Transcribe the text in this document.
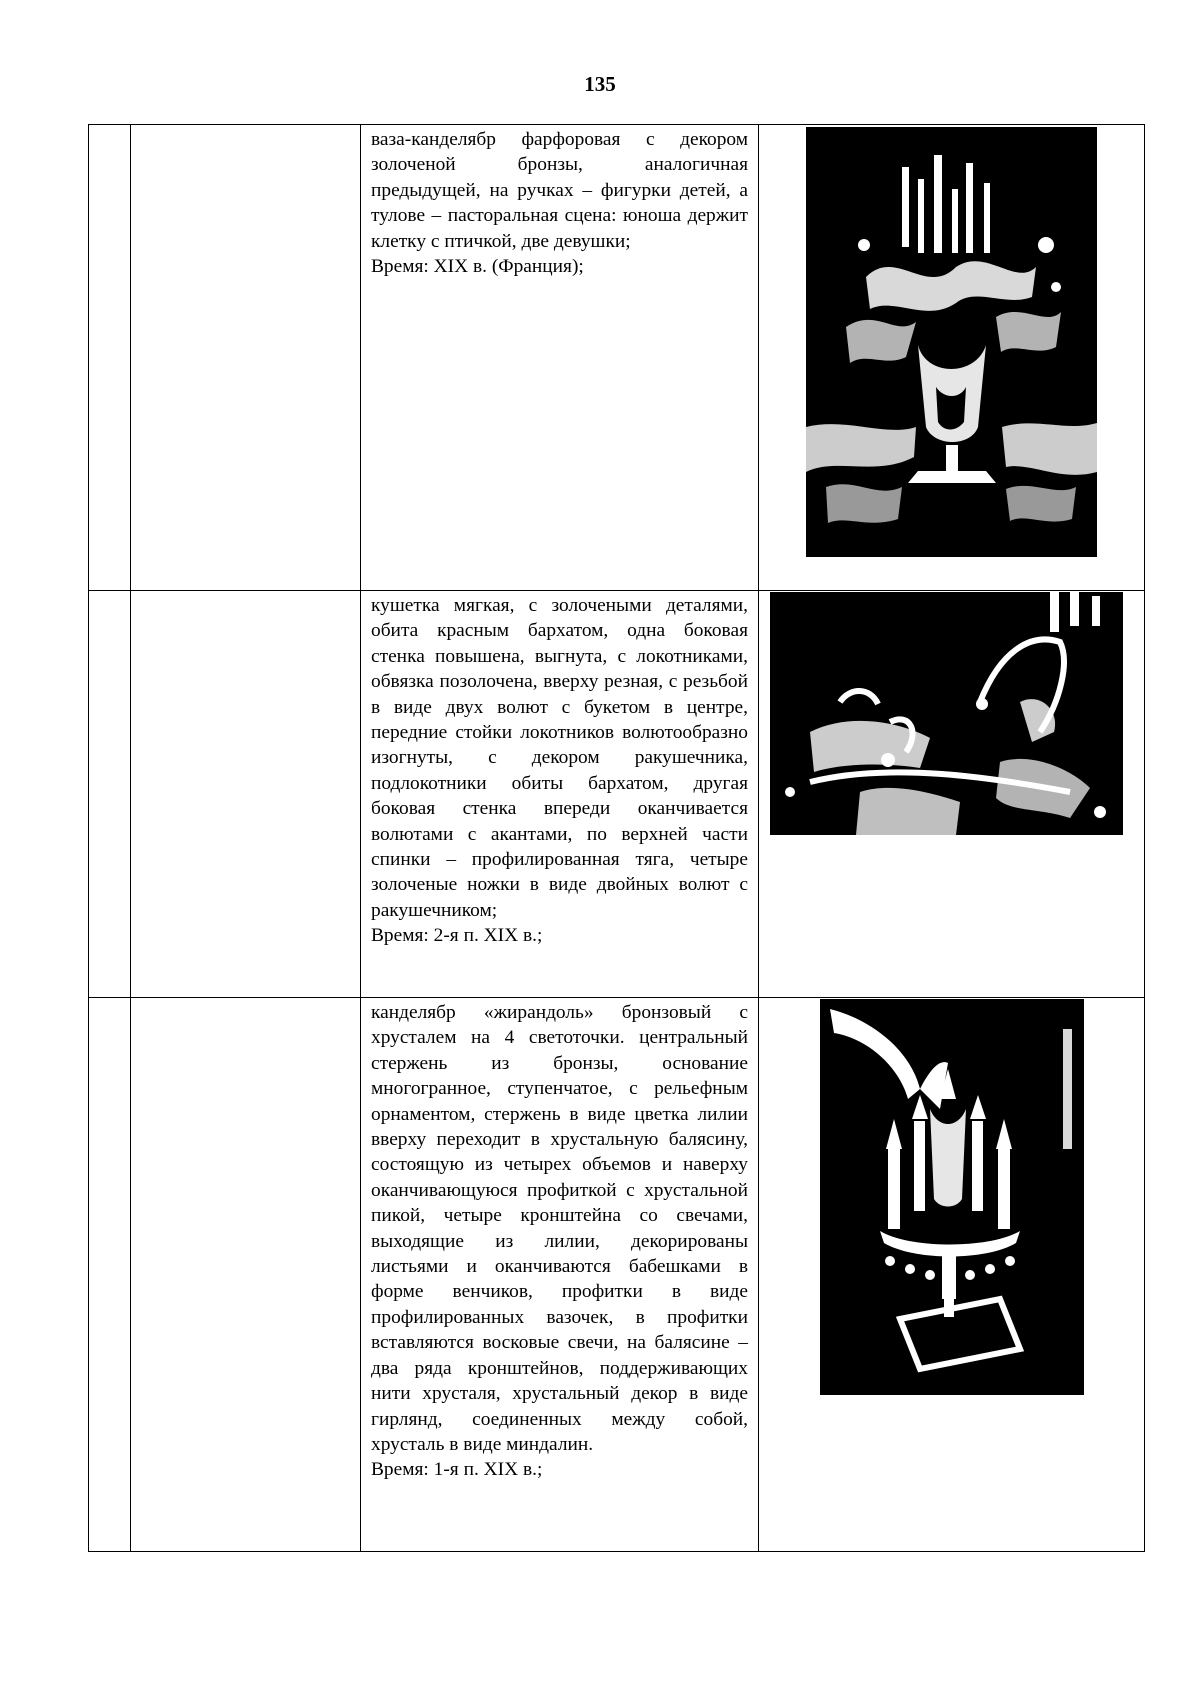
135

		ваза-канделябр фарфоровая с декором золоченой бронзы, аналогичная предыдущей, на ручках – фигурки детей, а тулове – пасторальная сцена: юноша держит клетку с птичкой, две девушки;

Время: XIX в. (Франция);

		кушетка мягкая, с золочеными деталями, обита красным бархатом, одна боковая стенка повышена, выгнута, с локотниками, обвязка позолочена, вверху резная, с резьбой в виде двух волют с букетом в центре, передние стойки локотников волютообразно изогнуты, с декором ракушечника, подлокотники обиты бархатом, другая боковая стенка впереди оканчивается волютами с акантами, по верхней части спинки – профилированная тяга, четыре золоченые ножки в виде двойных волют с ракушечником;

Время: 2-я п. XIX в.;

		канделябр «жирандоль» бронзовый с хрусталем на 4 светоточки. центральный стержень из бронзы, основание многогранное, ступенчатое, с рельефным орнаментом, стержень в виде цветка лилии вверху переходит в хрустальную балясину, состоящую из четырех объемов и наверху оканчивающуюся профиткой с хрустальной пикой, четыре кронштейна со свечами, выходящие из лилии, декорированы листьями и оканчиваются бабешками в форме венчиков, профитки в виде профилированных вазочек, в профитки вставляются восковые свечи, на балясине – два ряда кронштейнов, поддерживающих нити хрусталя, хрустальный декор в виде гирлянд, соединенных между собой, хрусталь в виде миндалин.

Время: 1-я п. XIX в.;
